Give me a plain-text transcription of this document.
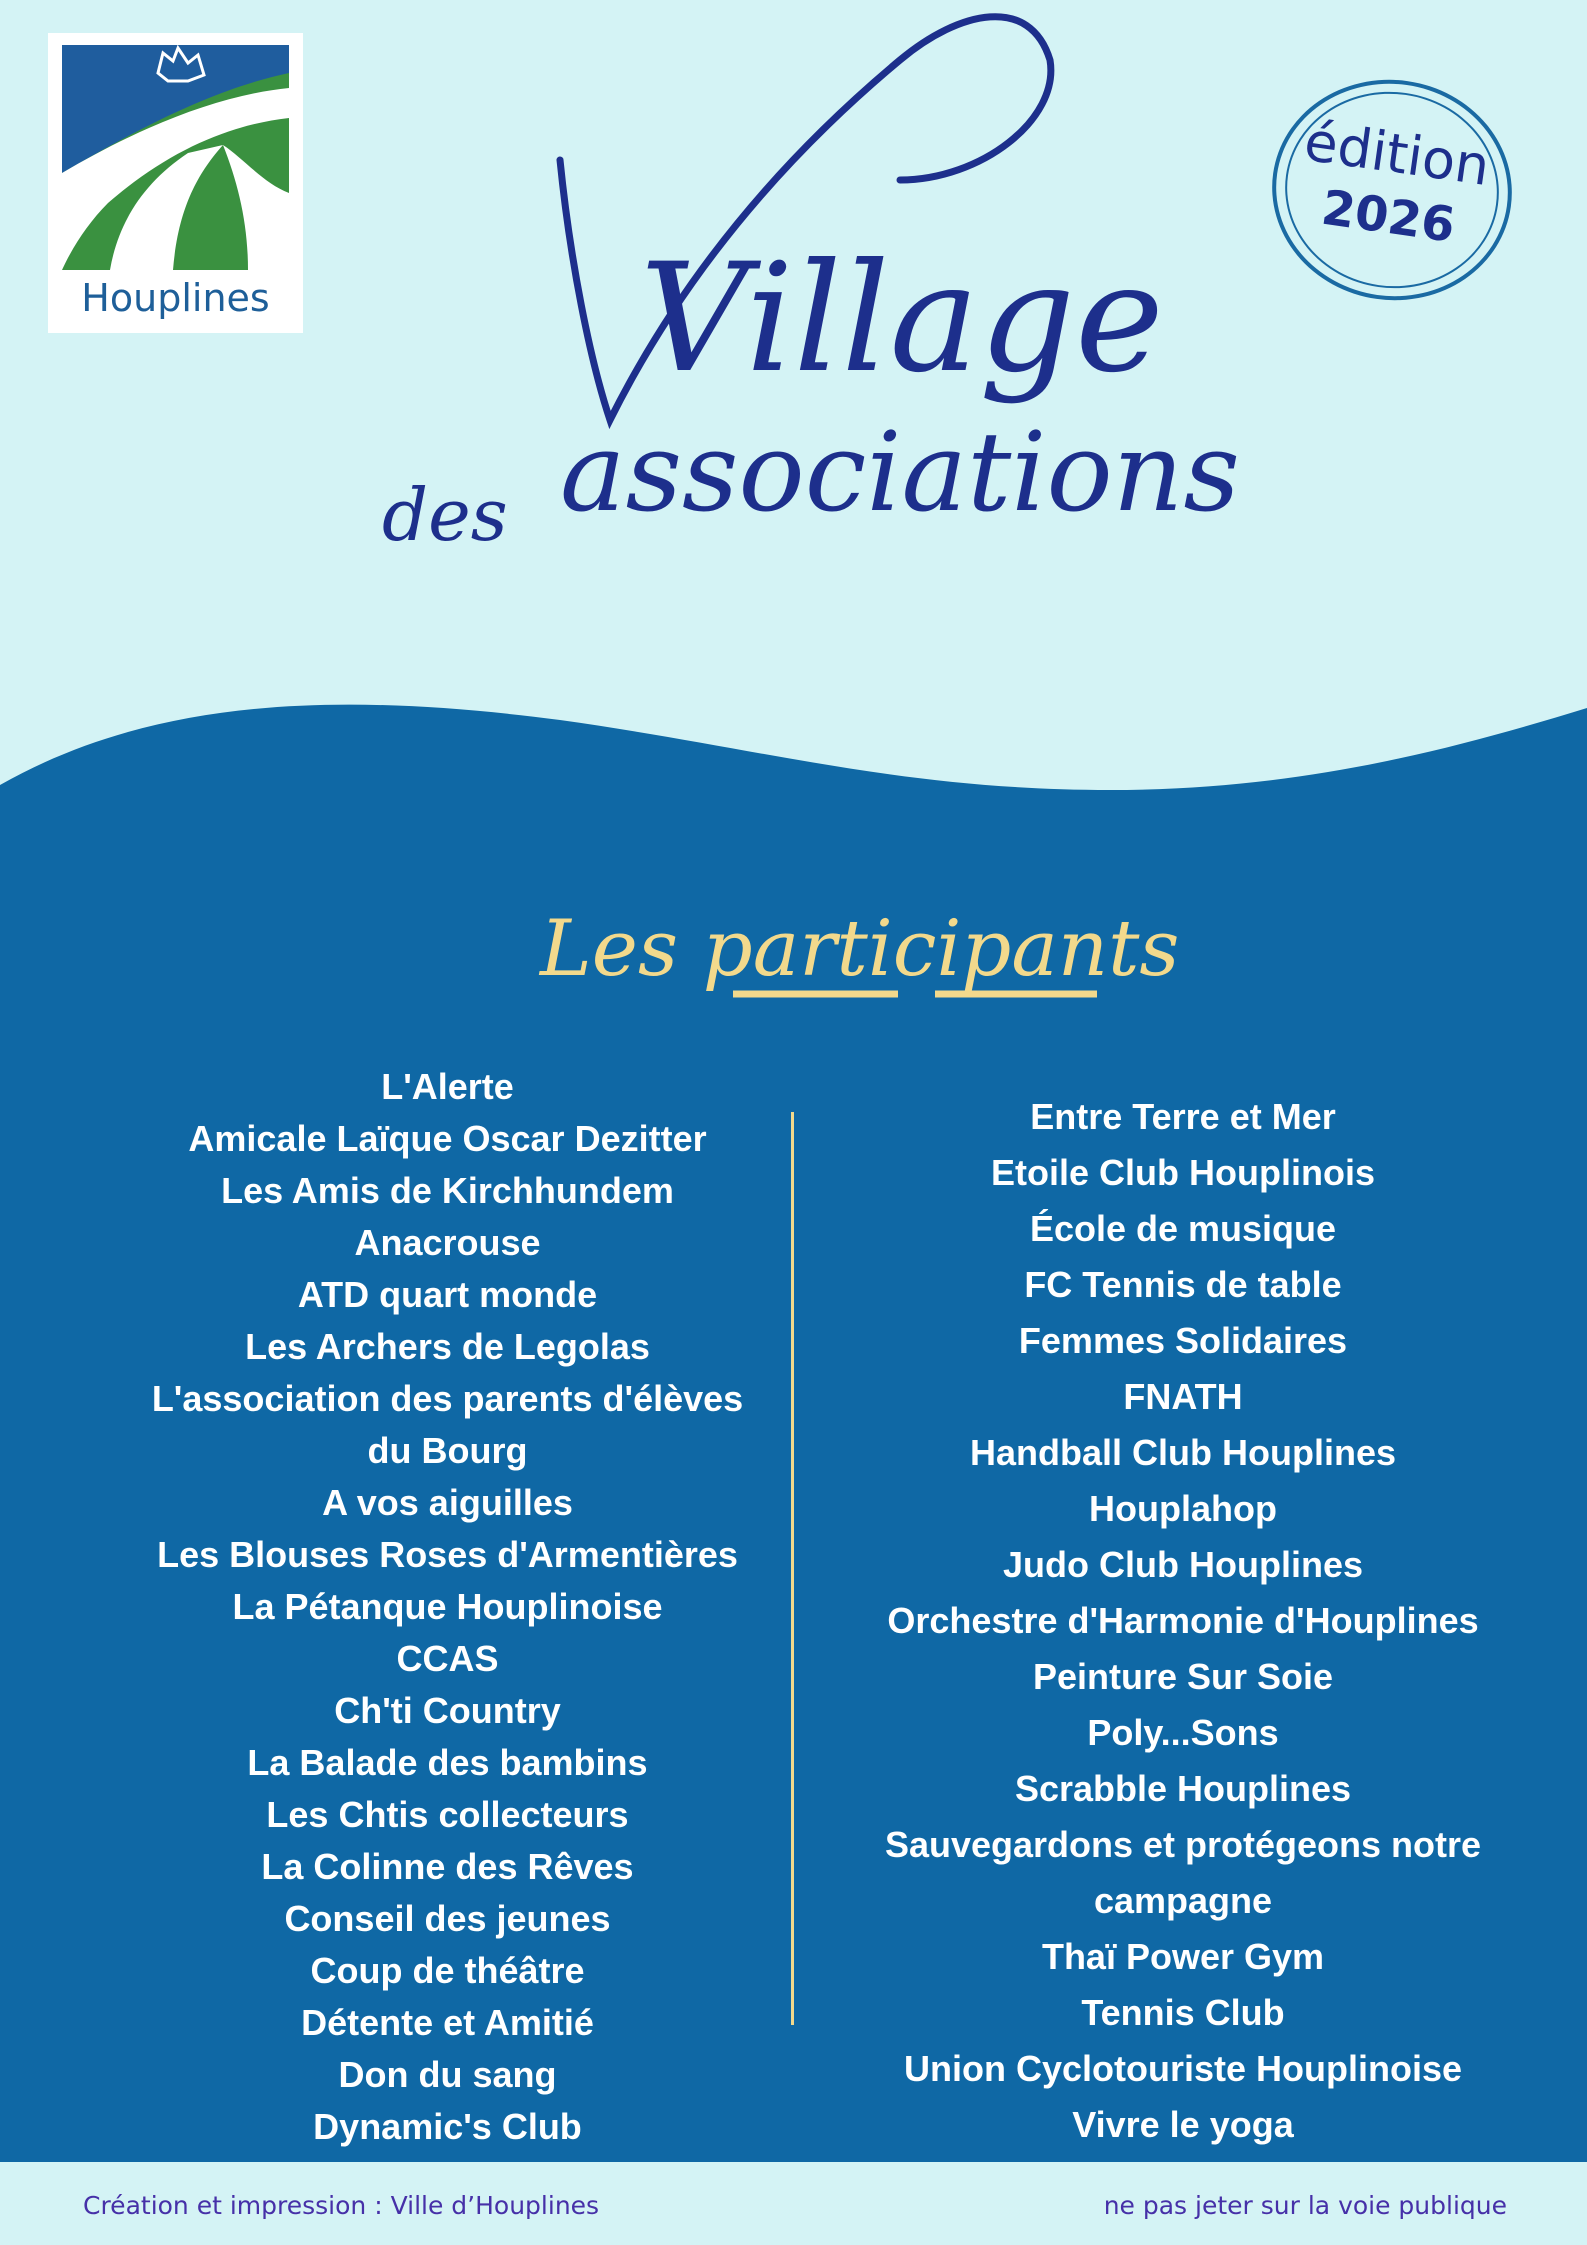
Houplines Village
des associations
édition
2026
Les participants
L'Alerte
Amicale Laïque Oscar Dezitter
Les Amis de Kirchhundem
Anacrouse
ATD quart monde
Les Archers de Legolas
L'association des parents d'élèves
du Bourg
A vos aiguilles
Les Blouses Roses d'Armentières
La Pétanque Houplinoise
CCAS
Ch'ti Country
La Balade des bambins
Les Chtis collecteurs
La Colinne des Rêves
Conseil des jeunes
Coup de théâtre
Détente et Amitié
Don du sang
Dynamic's Club
Entre Terre et Mer
Etoile Club Houplinois
École de musique
FC Tennis de table
Femmes Solidaires
FNATH
Handball Club Houplines
Houplahop
Judo Club Houplines
Orchestre d'Harmonie d'Houplines
Peinture Sur Soie
Poly...Sons
Scrabble Houplines
Sauvegardons et protégeons notre
campagne
Thaï Power Gym
Tennis Club
Union Cyclotouriste Houplinoise
Vivre le yoga
Création et impression : Ville d’Houplines	ne pas jeter sur la voie publique
